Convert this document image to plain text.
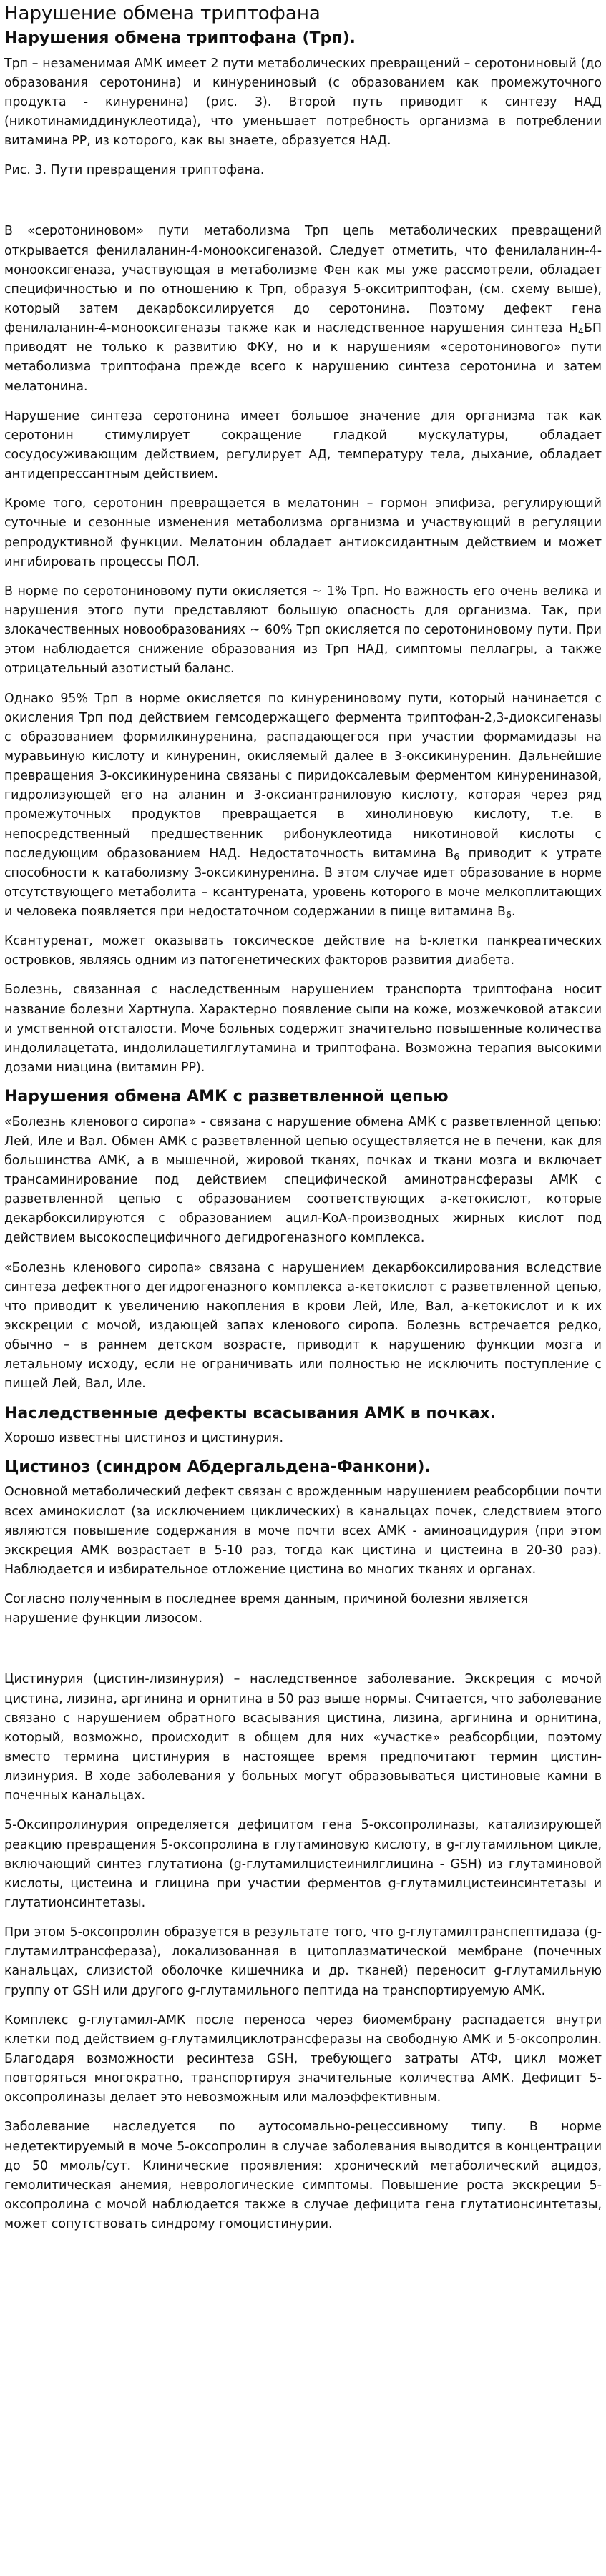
Нарушение обмена триптофана
Нарушения обмена триптофана (Трп).

Трп – незаменимая АМК имеет 2 пути метаболических превращений – серотониновый (до образования серотонина) и кинурениновый (с образованием как промежуточного продукта - кинуренина) (рис. 3). Второй путь приводит к синтезу НАД (никотинамиддинуклеотида), что уменьшает потребность организма в потреблении витамина РР, из которого, как вы знаете, образуется НАД.

Рис. 3. Пути превращения триптофана.

В «серотониновом» пути метаболизма Трп цепь метаболических превращений открывается фенилаланин-4-монооксигеназой. Следует отметить, что фенилаланин-4-монооксигеназа, участвующая в метаболизме Фен как мы уже рассмотрели, обладает специфичностью и по отношению к Трп, образуя 5-окситриптофан, (см. схему выше), который затем декарбоксилируется до серотонина. Поэтому дефект гена фенилаланин-4-монооксигеназы также как и наследственное нарушения синтеза $Н_4БП$ приводят не только к развитию ФКУ, но и к нарушениям «серотонинового» пути метаболизма триптофана прежде всего к нарушению синтеза серотонина и затем мелатонина.

Нарушение синтеза серотонина имеет большое значение для организма так как серотонин стимулирует сокращение гладкой мускулатуры, обладает сосудосуживающим действием, регулирует АД, температуру тела, дыхание, обладает антидепрессантным действием.

Кроме того, серотонин превращается в мелатонин – гормон эпифиза, регулирующий суточные и сезонные изменения метаболизма организма и участвующий в регуляции репродуктивной функции. Мелатонин обладает антиоксидантным действием и может ингибировать процессы ПОЛ.

В норме по серотониновому пути окисляется ~ 1% Трп. Но важность его очень велика и нарушения этого пути представляют большую опасность для организма. Так, при злокачественных новообразованиях ~ 60% Трп окисляется по серотониновому пути. При этом наблюдается снижение образования из Трп НАД, симптомы пеллагры, а также отрицательный азотистый баланс.

Однако 95% Трп в норме окисляется по кинурениновому пути, который начинается с окисления Трп под действием гемсодержащего фермента триптофан-2,3-диоксигеназы с образованием формилкинуренина, распадающегося при участии формамидазы на муравьиную кислоту и кинуренин, окисляемый далее в 3-оксикинуренин. Дальнейшие превращения 3-оксикинуренина связаны с пиридоксалевым ферментом кинурениназой, гидролизующей его на аланин и 3-оксиантраниловую кислоту, которая через ряд промежуточных продуктов превращается в хинолиновую кислоту, т.е. в непосредственный предшественник рибонуклеотида никотиновой кислоты с последующим образованием НАД. Недостаточность витамина $В_6$ приводит к утрате способности к катаболизму 3-оксикинуренина. В этом случае идет образование в норме отсутствующего метаболита – ксантуренатa, уровень которого в моче мелкоплитающих и человека появляется при недостаточном содержании в пище витамина $В_6$.

Ксантуренат, может оказывать токсическое действие на b-клетки панкреатических островков, являясь одним из патогенетических факторов развития диабета.

Болезнь, связанная с наследственным нарушением транспорта триптофана носит название болезни Хартнупа. Характерно появление сыпи на коже, мозжечковой атаксии и умственной отсталости. Моче больных содержит значительно повышенные количества индолилацетата, индолилацетилглутамина и триптофана. Возможна терапия высокими дозами ниацина (витамин РР).

Нарушения обмена АМК с разветвленной цепью

«Болезнь кленового сиропа» - связана с нарушение обмена АМК с разветвленной цепью: Лей, Иле и Вал. Обмен АМК с разветвленной цепью осуществляется не в печени, как для большинства АМК, а в мышечной, жировой тканях, почках и ткани мозга и включает трансаминирование под действием специфической аминотрансферазы АМК с разветвленной цепью с образованием соответствующих a-кетокислот, которые декарбоксилируются с образованием ацил-КоА-производных жирных кислот под действием высокоспецифичного дегидрогеназного комплекса.

«Болезнь кленового сиропа» связана с нарушением декарбоксилирования вследствие синтеза дефектного дегидрогеназного комплекса a-кетокислот с разветвленной цепью, что приводит к увеличению накопления в крови Лей, Иле, Вал, a-кетокислот и к их экскреции с мочой, издающей запах кленового сиропа. Болезнь встречается редко, обычно – в раннем детском возрасте, приводит к нарушению функции мозга и летальному исходу, если не ограничивать или полностью не исключить поступление с пищей Лей, Вал, Иле.

Наследственные дефекты всасывания АМК в почках.

Хорошо известны цистиноз и цистинурия.

Цистиноз (синдром Абдергальдена-Фанкони).

Основной метаболический дефект связан с врожденным нарушением реабсорбции почти всех аминокислот (за исключением циклических) в канальцах почек, следствием этого являются повышение содержания в моче почти всех АМК - аминоацидурия (при этом экскреция АМК возрастает в 5-10 раз, тогда как цистина и цистеина в 20-30 раз). Наблюдается и избирательное отложение цистина во многих тканях и органах.

Согласно полученным в последнее время данным, причиной болезни является нарушение функции лизосом.

Цистинурия (цистин-лизинурия) – наследственное заболевание. Экскреция с мочой цистина, лизина, аргинина и орнитина в 50 раз выше нормы. Считается, что заболевание связано с нарушением обратного всасывания цистина, лизина, аргинина и орнитина, который, возможно, происходит в общем для них «участке» реабсорбции, поэтому вместо термина цистинурия в настоящее время предпочитают термин цистин-лизинурия. В ходе заболевания у больных могут образовываться цистиновые камни в почечных канальцах.

5-Оксипролинурия определяется дефицитом гена 5-оксопролиназы, катализирующей реакцию превращения 5-оксопролина в глутаминовую кислоту, в g-глутамильном цикле, включающий синтез глутатиона (g-глутамилцистеинилглицина - GSH) из глутаминовой кислоты, цистеина и глицина при участии ферментов g-глутамилцистеинсинтетазы и глутатионсинтетазы.

При этом 5-оксопролин образуется в результате того, что g-глутамилтранспептидаза (g-глутамилтрансфераза), локализованная в цитоплазматической мембране (почечных канальцах, слизистой оболочке кишечника и др. тканей) переносит g-глутамильную группу от GSH или другого g-глутамильного пептида на транспортируемую АМК.

Комплекс g-глутамил-АМК после переноса через биомембрану распадается внутри клетки под действием g-глутамилциклотрансферазы на свободную АМК и 5-оксопролин. Благодаря возможности ресинтеза GSH, требующего затраты АТФ, цикл может повторяться многократно, транспортируя значительные количества АМК. Дефицит 5-оксопролиназы делает это невозможным или малоэффективным.

Заболевание наследуется по аутосомально-рецессивному типу. В норме недетектируемый в моче 5-оксопролин в случае заболевания выводится в концентрации до 50 ммоль/сут. Клинические проявления: хронический метаболический ацидоз, гемолитическая анемия, неврологические симптомы. Повышение роста экскреции 5-оксопролина с мочой наблюдается также в случае дефицита гена глутатионсинтетазы, может сопутствовать синдрому гомоцистинурии.
